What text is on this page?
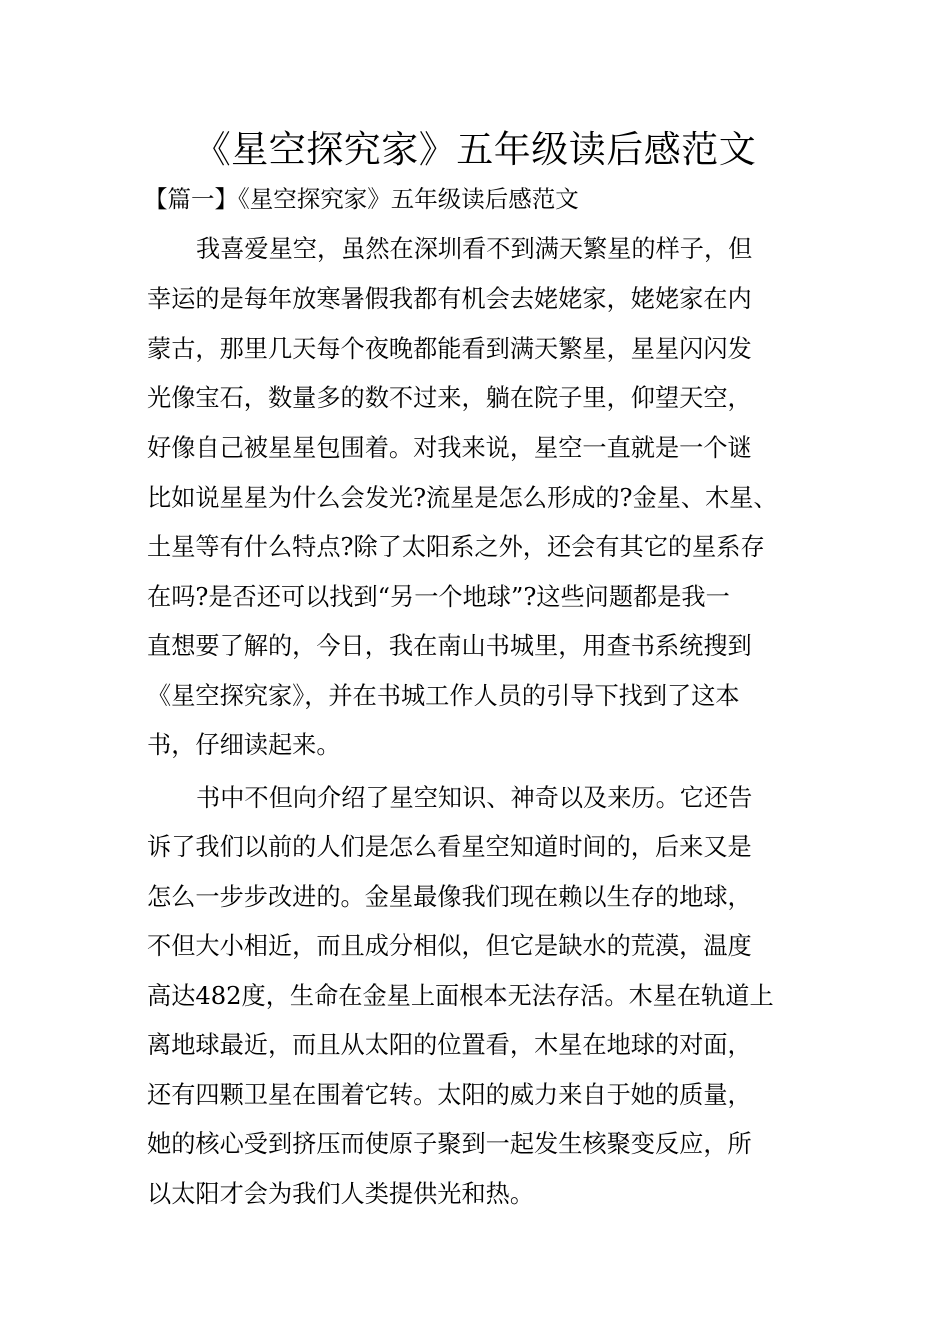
《星空探究家》五年级读后感范文
【篇一】《星空探究家》五年级读后感范文
我喜爱星空，虽然在深圳看不到满天繁星的样子，但
幸运的是每年放寒暑假我都有机会去姥姥家，姥姥家在内
蒙古，那里几天每个夜晚都能看到满天繁星，星星闪闪发
光像宝石，数量多的数不过来，躺在院子里，仰望天空，
好像自己被星星包围着。对我来说，星空一直就是一个谜
比如说星星为什么会发光?流星是怎么形成的?金星、木星、
土星等有什么特点?除了太阳系之外，还会有其它的星系存
在吗?是否还可以找到“另一个地球”?这些问题都是我一
直想要了解的，今日，我在南山书城里，用查书系统搜到
《星空探究家》，并在书城工作人员的引导下找到了这本
书，仔细读起来。
书中不但向介绍了星空知识、神奇以及来历。它还告
诉了我们以前的人们是怎么看星空知道时间的，后来又是
怎么一步步改进的。金星最像我们现在赖以生存的地球，
不但大小相近，而且成分相似，但它是缺水的荒漠，温度
高达482度，生命在金星上面根本无法存活。木星在轨道上
离地球最近，而且从太阳的位置看，木星在地球的对面，
还有四颗卫星在围着它转。太阳的威力来自于她的质量，
她的核心受到挤压而使原子聚到一起发生核聚变反应，所
以太阳才会为我们人类提供光和热。
